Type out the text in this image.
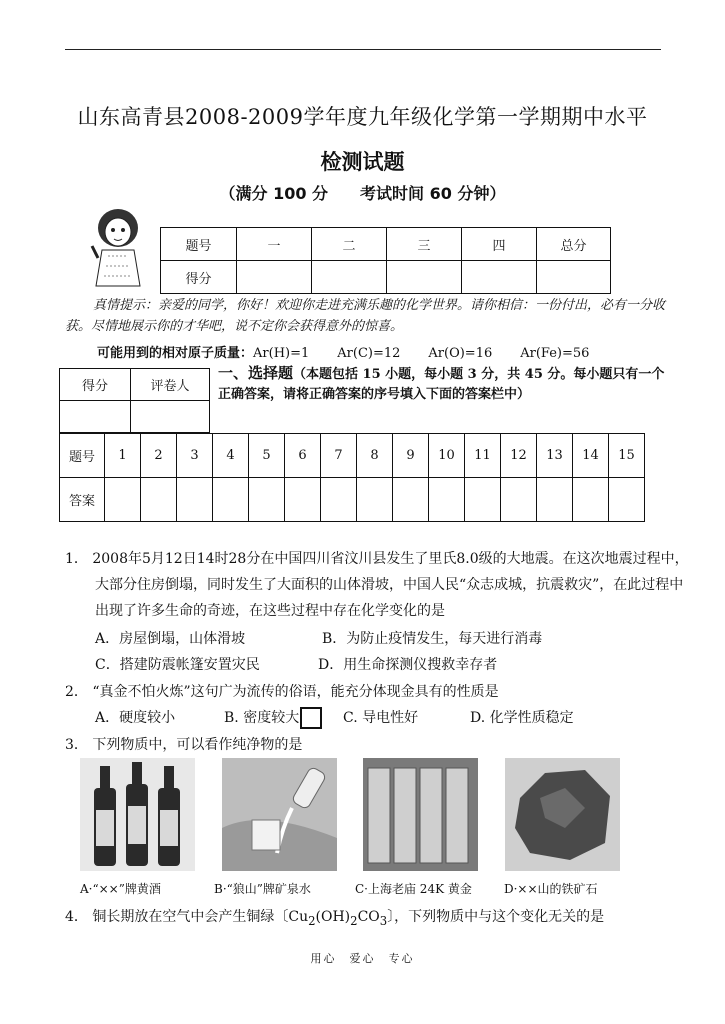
山东高青县2008-2009学年度九年级化学第一学期期中水平
检测试题
（满分 100 分　　考试时间 60 分钟）
题号	一	二	三	四	总分
得分					
真情提示：亲爱的同学，你好！欢迎你走进充满乐趣的化学世界。请你相信：一份付出，必有一分收获。尽情地展示你的才华吧，说不定你会获得意外的惊喜。
可能用到的相对原子质量：Ar(H)=1 Ar(C)=12 Ar(O)=16 Ar(Fe)=56
得分	评卷人

一、选择题（本题包括 15 小题，每小题 3 分，共 45 分。每小题只有一个正确答案，请将正确答案的序号填入下面的答案栏中）
题号	1	2	3	4	5	6	7	8	9	10	11	12	13	14	15
答案															
1． 2008年5月12日14时28分在中国四川省汶川县发生了里氏8.0级的大地震。在这次地震过程中，大部分住房倒塌，同时发生了大面积的山体滑坡，中国人民“众志成城，抗震救灾”，在此过程中出现了许多生命的奇迹，在这些过程中存在化学变化的是
A．房屋倒塌，山体滑坡	B．为防止疫情发生，每天进行消毒
C．搭建防震帐篷安置灾民	D．用生命探测仪搜救幸存者
2． “真金不怕火炼”这句广为流传的俗语，能充分体现金具有的性质是
A．硬度较小	B. 密度较大	C. 导电性好	D. 化学性质稳定
3． 下列物质中，可以看作纯净物的是
A·“××”牌黄酒	B·“狼山”牌矿泉水	C·上海老庙 24K 黄金	D·××山的铁矿石
4． 铜长期放在空气中会产生铜绿〔$Cu_2(OH)_2CO_3$〕，下列物质中与这个变化无关的是
用心　爱心　专心
